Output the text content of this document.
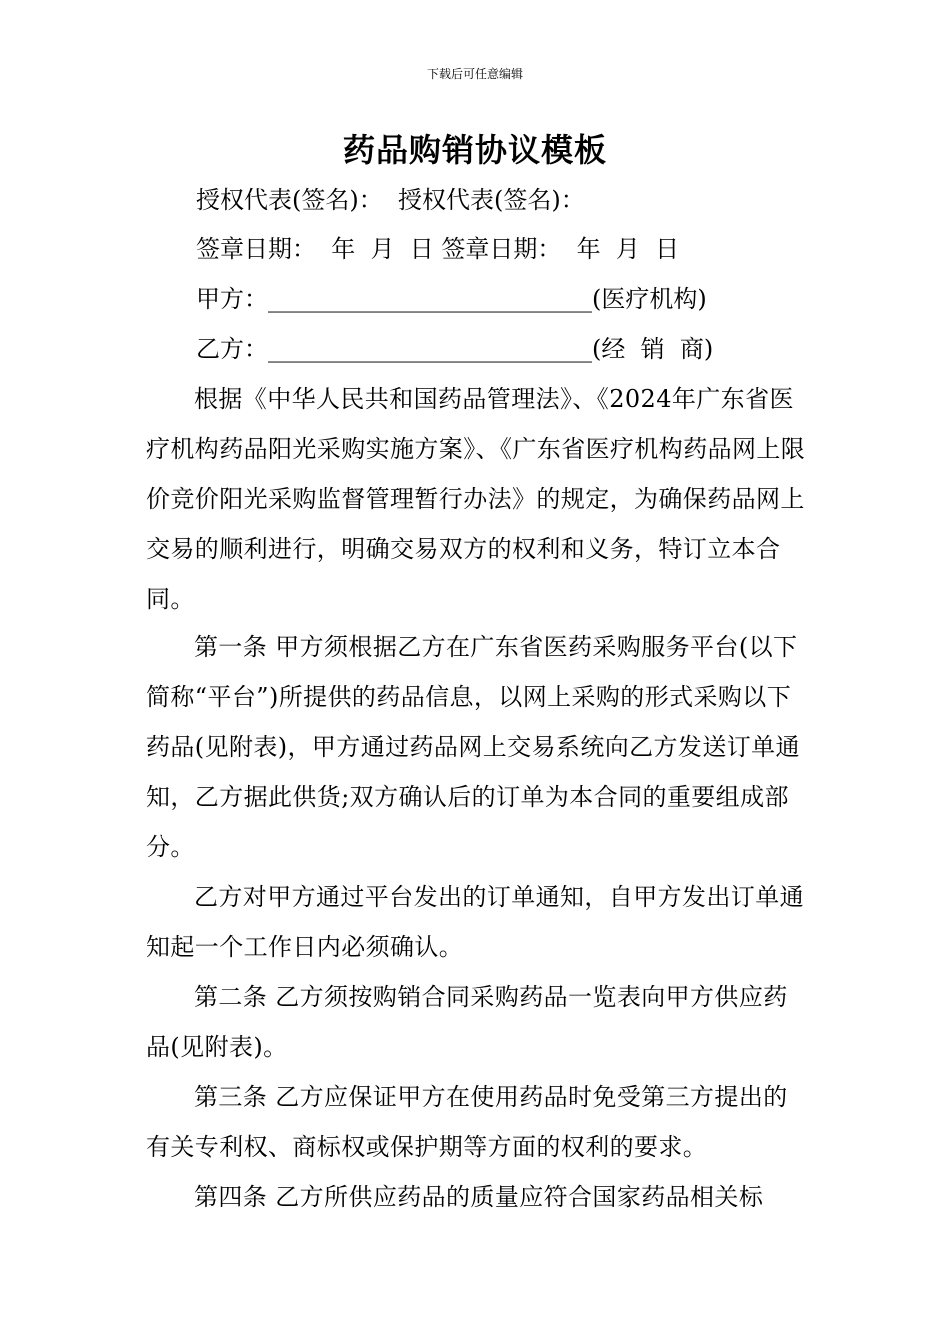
下载后可任意编辑
药品购销协议模板
授权代表(签名)：  授权代表(签名)：
签章日期：  年  月  日 签章日期：  年  月  日
甲方：___________________________(医疗机构)
乙方：___________________________(经  销  商)

根据《中华人民共和国药品管理法》、《2024年广东省医疗机构药品阳光采购实施方案》、《广东省医疗机构药品网上限价竞价阳光采购监督管理暂行办法》的规定，为确保药品网上交易的顺利进行，明确交易双方的权利和义务，特订立本合同。

第一条 甲方须根据乙方在广东省医药采购服务平台(以下简称“平台”)所提供的药品信息，以网上采购的形式采购以下药品(见附表)，甲方通过药品网上交易系统向乙方发送订单通知，乙方据此供货;双方确认后的订单为本合同的重要组成部分。

乙方对甲方通过平台发出的订单通知，自甲方发出订单通知起一个工作日内必须确认。

第二条 乙方须按购销合同采购药品一览表向甲方供应药品(见附表)。

第三条 乙方应保证甲方在使用药品时免受第三方提出的有关专利权、商标权或保护期等方面的权利的要求。

第四条 乙方所供应药品的质量应符合国家药品相关标
